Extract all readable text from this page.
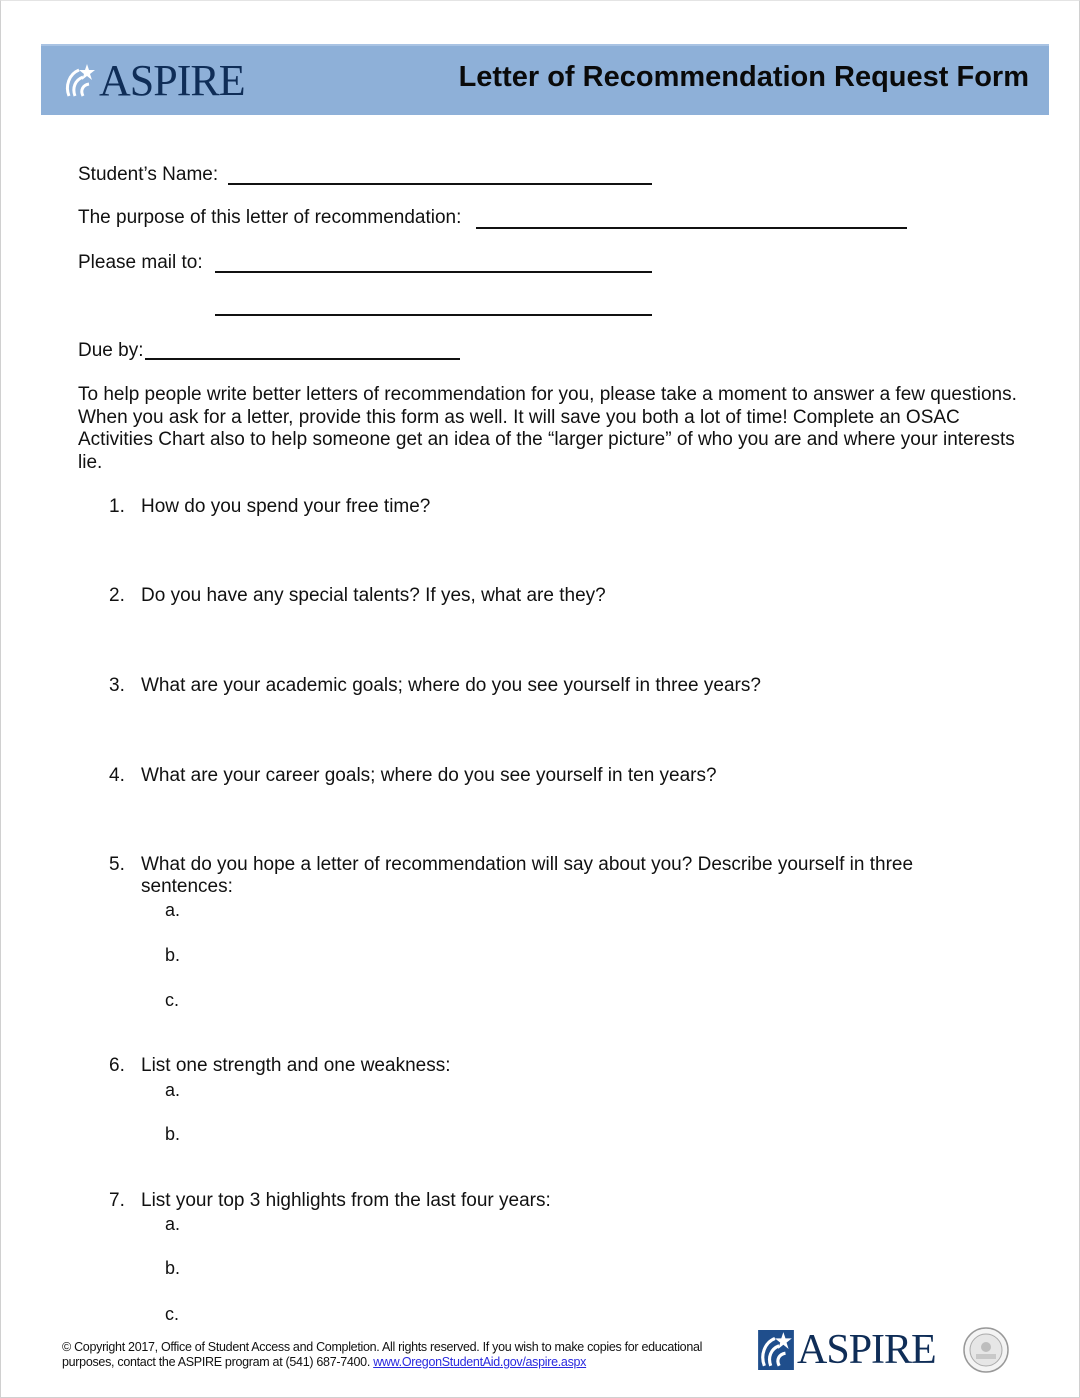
ASPIRE	Letter of Recommendation Request Form
Student’s Name:
The purpose of this letter of recommendation:
Please mail to:
Due by:
To help people write better letters of recommendation for you, please take a moment to answer a few questions. When you ask for a letter, provide this form as well. It will save you both a lot of time! Complete an OSAC Activities Chart also to help someone get an idea of the “larger picture” of who you are and where your interests lie.
1. How do you spend your free time?
2. Do you have any special talents? If yes, what are they?
3. What are your academic goals; where do you see yourself in three years?
4. What are your career goals; where do you see yourself in ten years?
5. What do you hope a letter of recommendation will say about you? Describe yourself in three sentences:
a.
b.
c.
6. List one strength and one weakness:
a.
b.
7. List your top 3 highlights from the last four years:
a.
b.
c.
© Copyright 2017, Office of Student Access and Completion. All rights reserved. If you wish to make copies for educational purposes, contact the ASPIRE program at (541) 687-7400. www.OregonStudentAid.gov/aspire.aspx	ASPIRE
